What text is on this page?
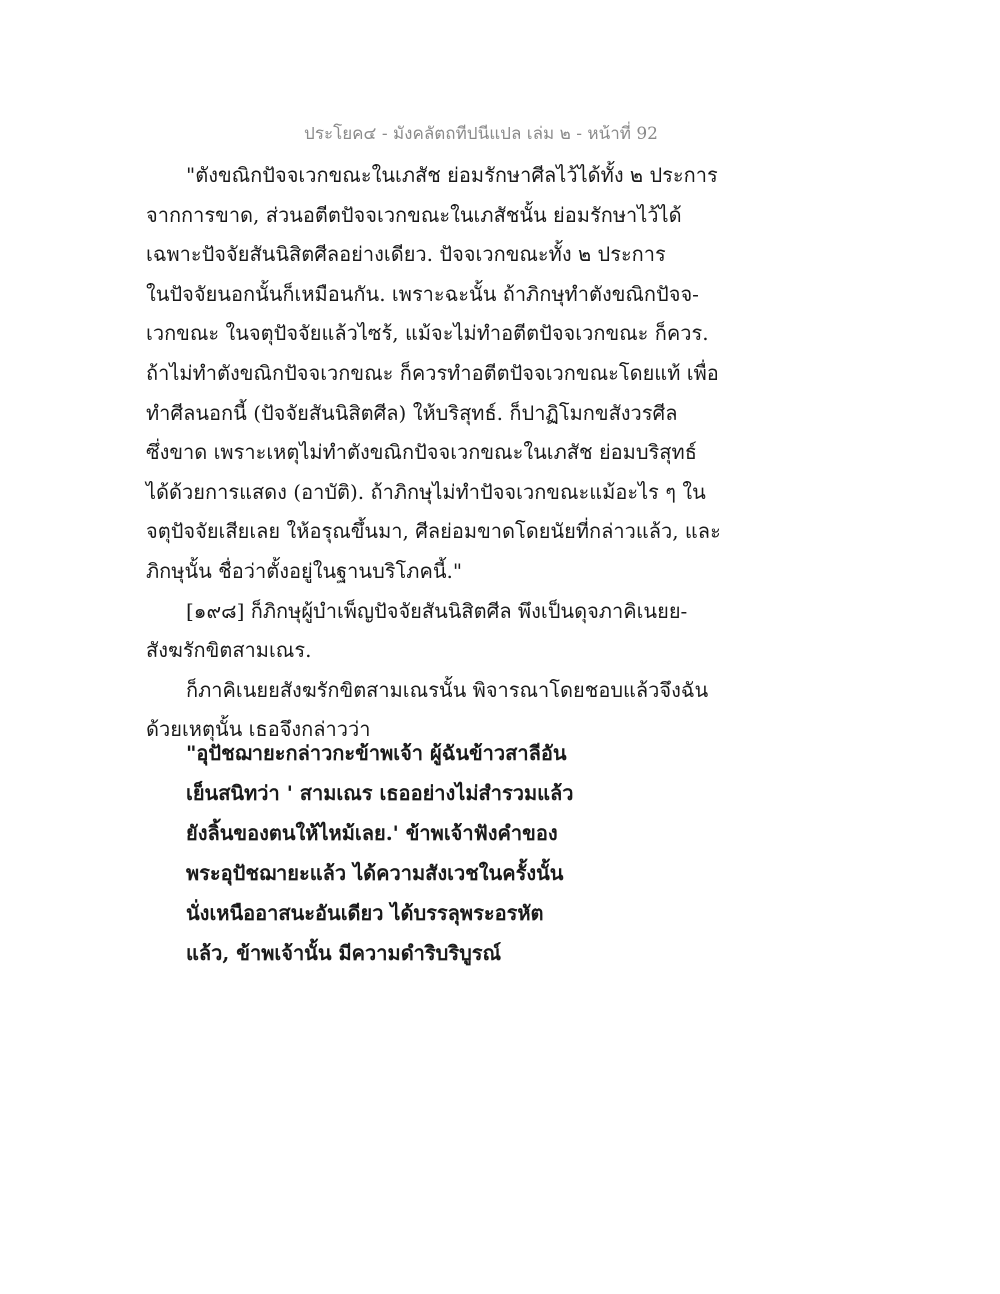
ประโยค๔ - มังคลัตถทีปนีแปล เล่ม ๒ - หน้าที่ 92
"ตังขณิกปัจจเวกขณะในเภสัช ย่อมรักษาศีลไว้ได้ทั้ง ๒ ประการ
จากการขาด, ส่วนอตีตปัจจเวกขณะในเภสัชนั้น ย่อมรักษาไว้ได้
เฉพาะปัจจัยสันนิสิตศีลอย่างเดียว. ปัจจเวกขณะทั้ง ๒ ประการ
ในปัจจัยนอกนั้นก็เหมือนกัน. เพราะฉะนั้น ถ้าภิกษุทำตังขณิกปัจจ-
เวกขณะ ในจตุปัจจัยแล้วไซร้, แม้จะไม่ทำอตีตปัจจเวกขณะ ก็ควร.
ถ้าไม่ทำตังขณิกปัจจเวกขณะ ก็ควรทำอตีตปัจจเวกขณะโดยแท้ เพื่อ
ทำศีลนอกนี้ (ปัจจัยสันนิสิตศีล) ให้บริสุทธ์. ก็ปาฏิโมกขสังวรศีล
ซึ่งขาด เพราะเหตุไม่ทำตังขณิกปัจจเวกขณะในเภสัช ย่อมบริสุทธ์
ได้ด้วยการแสดง (อาบัติ). ถ้าภิกษุไม่ทำปัจจเวกขณะแม้อะไร ๆ ใน
จตุปัจจัยเสียเลย ให้อรุณขึ้นมา, ศีลย่อมขาดโดยนัยที่กล่าวแล้ว, และ
ภิกษุนั้น ชื่อว่าตั้งอยู่ในฐานบริโภคนี้."
[๑๙๘] ก็ภิกษุผู้บำเพ็ญปัจจัยสันนิสิตศีล พึงเป็นดุจภาคิเนยย-
สังฆรักขิตสามเณร.
ก็ภาคิเนยยสังฆรักขิตสามเณรนั้น พิจารณาโดยชอบแล้วจึงฉัน
ด้วยเหตุนั้น เธอจึงกล่าวว่า
"อุปัชฌายะกล่าวกะข้าพเจ้า ผู้ฉันข้าวสาลีอัน
เย็นสนิทว่า ' สามเณร เธออย่างไม่สำรวมแล้ว
ยังลิ้นของตนให้ไหม้เลย.' ข้าพเจ้าฟังคำของ
พระอุปัชฌายะแล้ว ได้ความสังเวชในครั้งนั้น
นั่งเหนืออาสนะอันเดียว ได้บรรลุพระอรหัต
แล้ว, ข้าพเจ้านั้น มีความดำริบริบูรณ์
